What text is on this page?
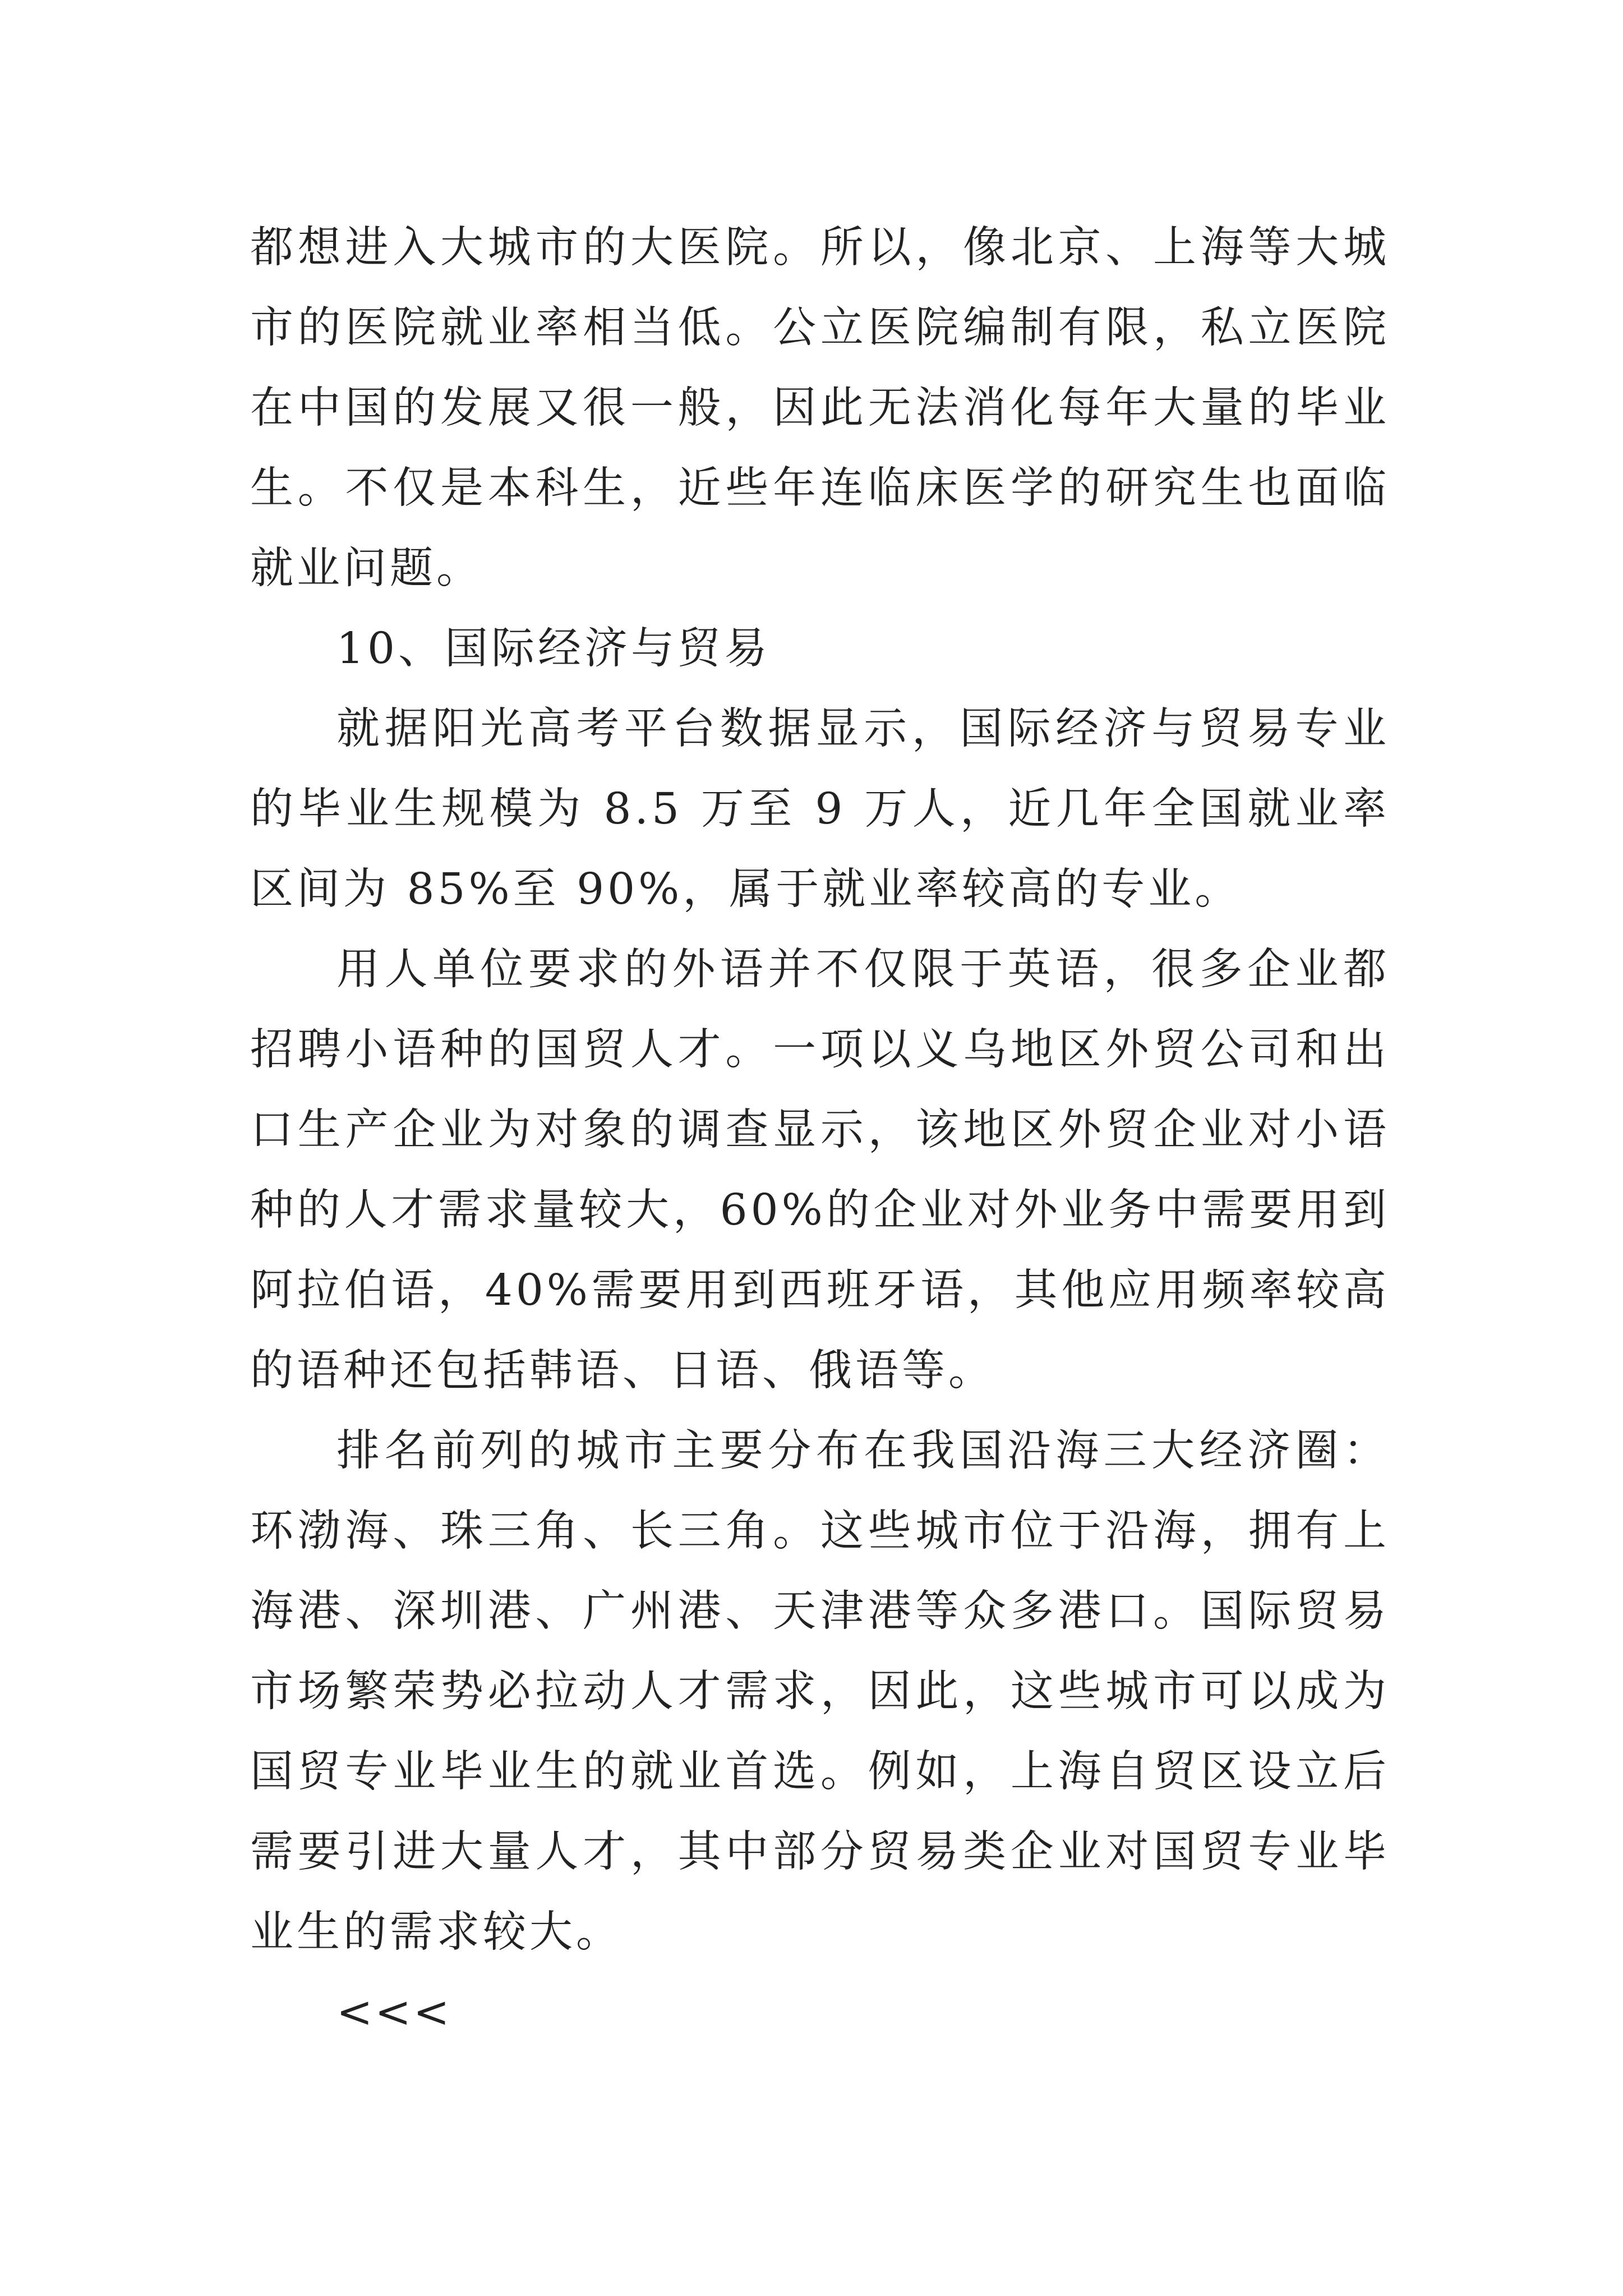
都想进入大城市的大医院。所以，像北京、上海等大城市的医院就业率相当低。公立医院编制有限，私立医院在中国的发展又很一般，因此无法消化每年大量的毕业生。不仅是本科生，近些年连临床医学的研究生也面临就业问题。

10、国际经济与贸易

就据阳光高考平台数据显示，国际经济与贸易专业的毕业生规模为 8.5 万至 9 万人，近几年全国就业率区间为 85%至 90%，属于就业率较高的专业。

用人单位要求的外语并不仅限于英语，很多企业都招聘小语种的国贸人才。一项以义乌地区外贸公司和出口生产企业为对象的调查显示，该地区外贸企业对小语种的人才需求量较大，60%的企业对外业务中需要用到阿拉伯语，40%需要用到西班牙语，其他应用频率较高的语种还包括韩语、日语、俄语等。

排名前列的城市主要分布在我国沿海三大经济圈：环渤海、珠三角、长三角。这些城市位于沿海，拥有上海港、深圳港、广州港、天津港等众多港口。国际贸易市场繁荣势必拉动人才需求，因此，这些城市可以成为国贸专业毕业生的就业首选。例如，上海自贸区设立后需要引进大量人才，其中部分贸易类企业对国贸专业毕业生的需求较大。

<<<
